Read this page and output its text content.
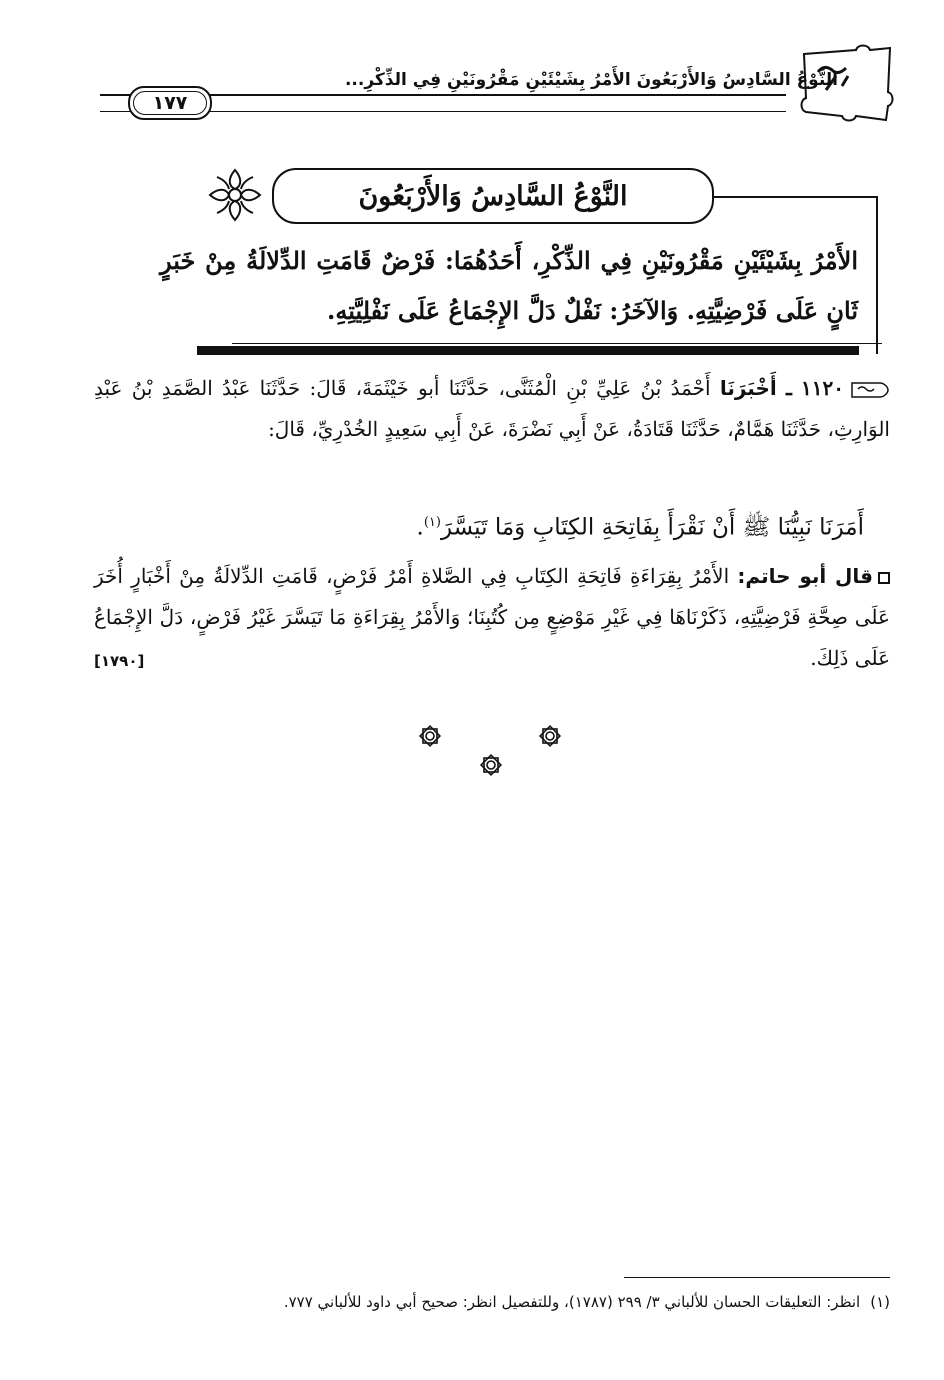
النَّوْعُ السَّادِسُ وَالأَرْبَعُونَ الأَمْرُ بِشَيْئَيْنِ مَقْرُونَيْنِ فِي الذِّكْرِ...
١٧٧
النَّوْعُ السَّادِسُ وَالأَرْبَعُونَ
الأَمْرُ بِشَيْئَيْنِ مَقْرُونَيْنِ فِي الذِّكْرِ، أَحَدُهُمَا: فَرْضٌ قَامَتِ الدِّلالَةُ مِنْ خَبَرٍ ثَانٍ عَلَى فَرْضِيَّتِهِ. وَالآخَرُ: نَفْلٌ دَلَّ الإِجْمَاعُ عَلَى نَفْلِيَّتِهِ.
١١٢٠ ـ أَخْبَرَنَا أَحْمَدُ بْنُ عَلِيِّ بْنِ الْمُثَنَّى، حَدَّثَنَا أبو خَيْثَمَةَ، قَالَ: حَدَّثَنَا عَبْدُ الصَّمَدِ بْنُ عَبْدِ الوَارِثِ، حَدَّثَنَا هَمَّامٌ، حَدَّثَنَا قَتَادَةُ، عَنْ أَبِي نَضْرَةَ، عَنْ أَبِي سَعِيدٍ الخُدْرِيِّ، قَالَ:
أَمَرَنَا نَبِيُّنَا ﷺ أَنْ نَقْرَأَ بِفَاتِحَةِ الكِتَابِ وَمَا تَيَسَّرَ$^{(١)}$.
قال أبو حاتم: الأَمْرُ بِقِرَاءَةِ فَاتِحَةِ الكِتَابِ فِي الصَّلاةِ أَمْرُ فَرْضٍ، قَامَتِ الدِّلالَةُ مِنْ أَخْبَارٍ أُخَرَ عَلَى صِحَّةِ فَرْضِيَّتِهِ، ذَكَرْنَاهَا فِي غَيْرِ مَوْضِعٍ مِن كُتُبِنَا؛ وَالأَمْرُ بِقِرَاءَةِ مَا تَيَسَّرَ غَيْرُ فَرْضٍ، دَلَّ الإِجْمَاعُ عَلَى ذَلِكَ.
[١٧٩٠]
(١)انظر: التعليقات الحسان للألباني ٣/ ٢٩٩ (١٧٨٧)، وللتفصيل انظر: صحيح أبي داود للألباني ٧٧٧.
